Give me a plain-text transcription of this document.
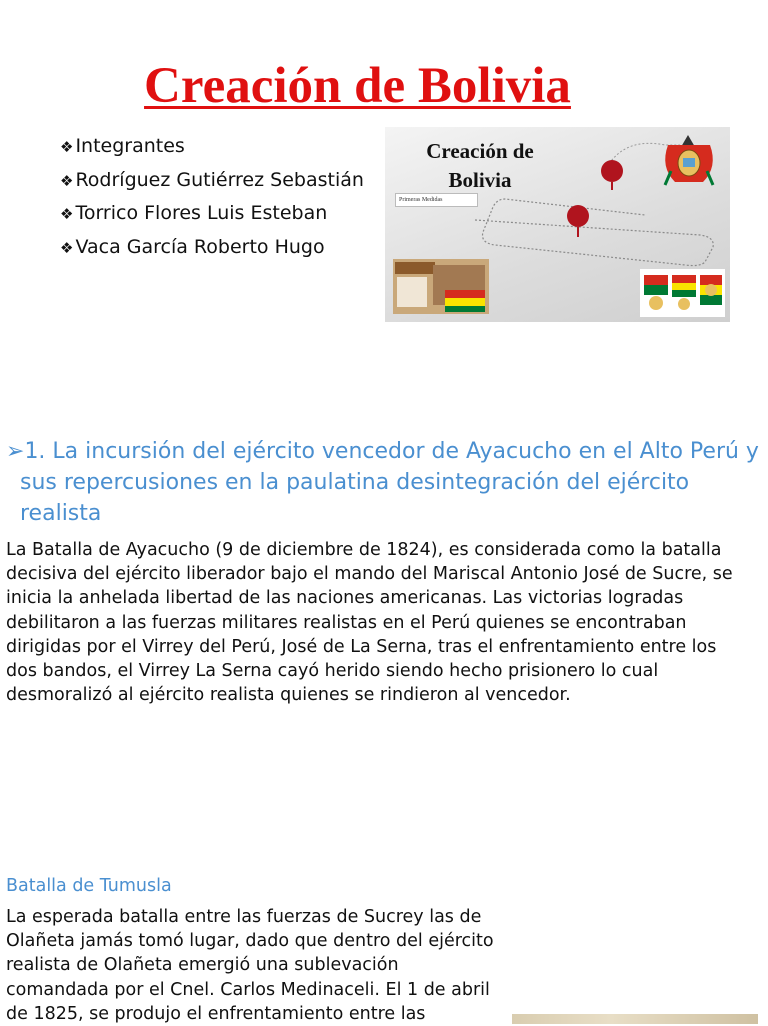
Creación de Bolivia
❖ Integrantes
❖ Rodríguez Gutiérrez Sebastián
❖ Torrico Flores Luis Esteban
❖ Vaca García Roberto Hugo
Creación de
Bolivia
Primeras Medidas
➢1. La incursión del ejército vencedor de Ayacucho en el Alto Perú y sus repercusiones en la paulatina desintegración del ejército realista

La Batalla de Ayacucho (9 de diciembre de 1824), es considerada como la batalla decisiva del ejército liberador bajo el mando del Mariscal Antonio José de Sucre, se inicia la anhelada libertad de las naciones americanas. Las victorias logradas debilitaron a las fuerzas militares realistas en el Perú quienes se encontraban dirigidas por el Virrey del Perú, José de La Serna, tras el enfrentamiento entre los dos bandos, el Virrey La Serna cayó herido siendo hecho prisionero lo cual desmoralizó al ejército realista quienes se rindieron al vencedor.

Batalla de Tumusla

La esperada batalla entre las fuerzas de Sucrey las de Olañeta jamás tomó lugar, dado que dentro del ejército realista de Olañeta emergió una sublevación comandada por el Cnel. Carlos Medinaceli. El 1 de abril de 1825, se produjo el enfrentamiento entre las
